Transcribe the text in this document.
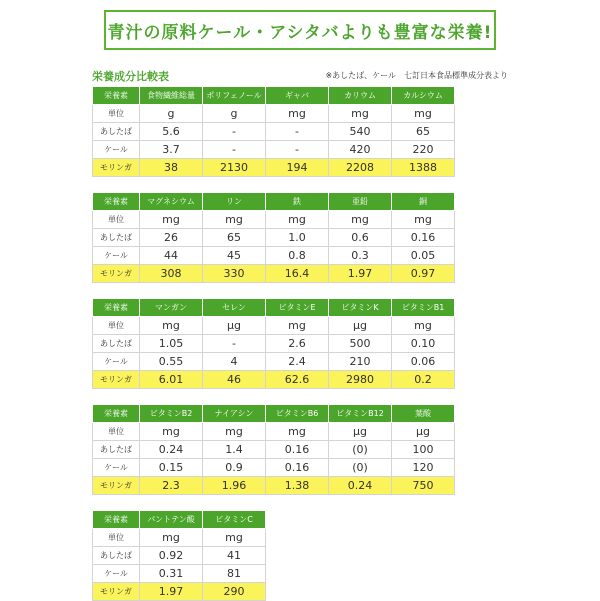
青汁の原料ケール・アシタバよりも豊富な栄養!
栄養成分比較表	※あしたば、ケール　七訂日本食品標準成分表より
栄養素	食物繊維総量	ポリフェノール	ギャバ	カリウム	カルシウム
単位	g	g	mg	mg	mg
あしたば	5.6	-	-	540	65
ケール	3.7	-	-	420	220
モリンガ	38	2130	194	2208	1388
栄養素	マグネシウム	リン	鉄	亜鉛	銅
単位	mg	mg	mg	mg	mg
あしたば	26	65	1.0	0.6	0.16
ケール	44	45	0.8	0.3	0.05
モリンガ	308	330	16.4	1.97	0.97
栄養素	マンガン	セレン	ビタミンE	ビタミンK	ビタミンB1
単位	mg	μg	mg	μg	mg
あしたば	1.05	-	2.6	500	0.10
ケール	0.55	4	2.4	210	0.06
モリンガ	6.01	46	62.6	2980	0.2
栄養素	ビタミンB2	ナイアシン	ビタミンB6	ビタミンB12	葉酸
単位	mg	mg	mg	μg	μg
あしたば	0.24	1.4	0.16	(0)	100
ケール	0.15	0.9	0.16	(0)	120
モリンガ	2.3	1.96	1.38	0.24	750
栄養素	パントテン酸	ビタミンC
単位	mg	mg
あしたば	0.92	41
ケール	0.31	81
モリンガ	1.97	290
